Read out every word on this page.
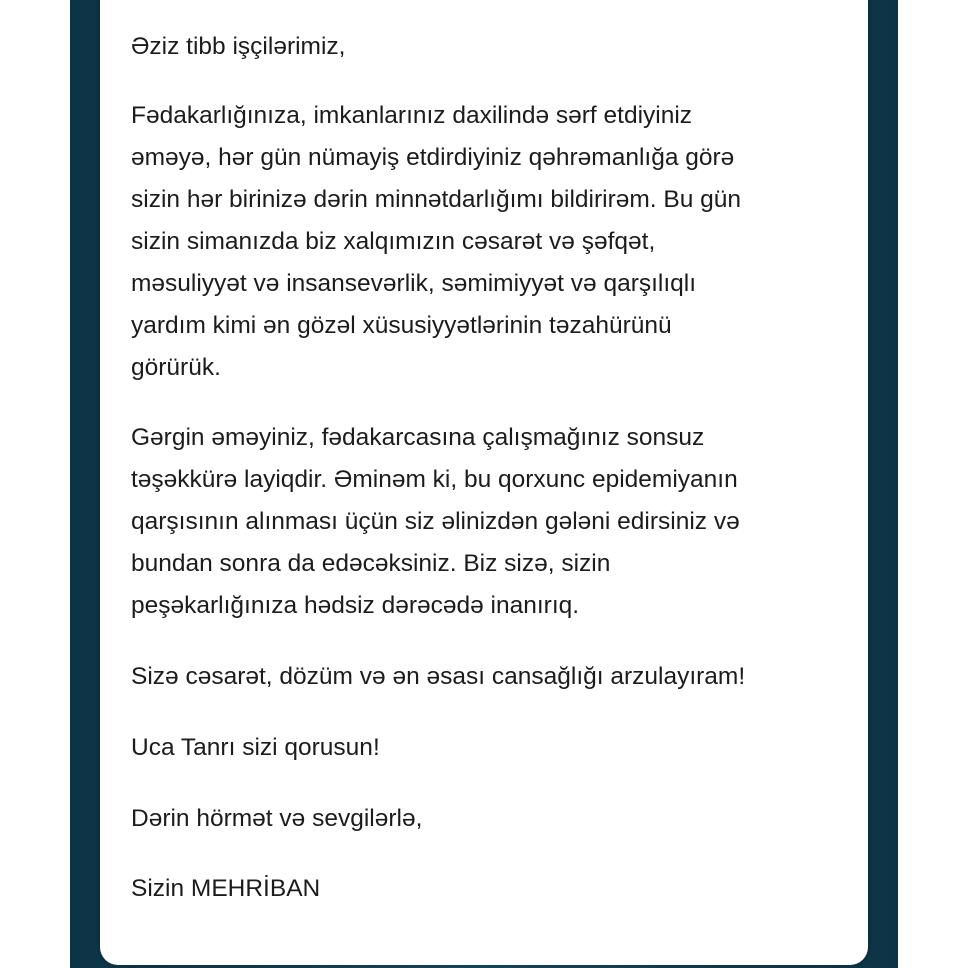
Əziz tibb işçilərimiz,

Fədakarlığınıza, imkanlarınız daxilində sərf etdiyiniz
əməyə, hər gün nümayiş etdirdiyiniz qəhrəmanlığa görə
sizin hər birinizə dərin minnətdarlığımı bildirirəm. Bu gün
sizin simanızda biz xalqımızın cəsarət və şəfqət,
məsuliyyət və insansevərlik, səmimiyyət və qarşılıqlı
yardım kimi ən gözəl xüsusiyyətlərinin təzahürünü
görürük.

Gərgin əməyiniz, fədakarcasına çalışmağınız sonsuz
təşəkkürə layiqdir. Əminəm ki, bu qorxunc epidemiyanın
qarşısının alınması üçün siz əlinizdən gələni edirsiniz və
bundan sonra da edəcəksiniz. Biz sizə, sizin
peşəkarlığınıza hədsiz dərəcədə inanırıq.

Sizə cəsarət, dözüm və ən əsası cansağlığı arzulayıram!

Uca Tanrı sizi qorusun!

Dərin hörmət və sevgilərlə,

Sizin MEHRİBAN
